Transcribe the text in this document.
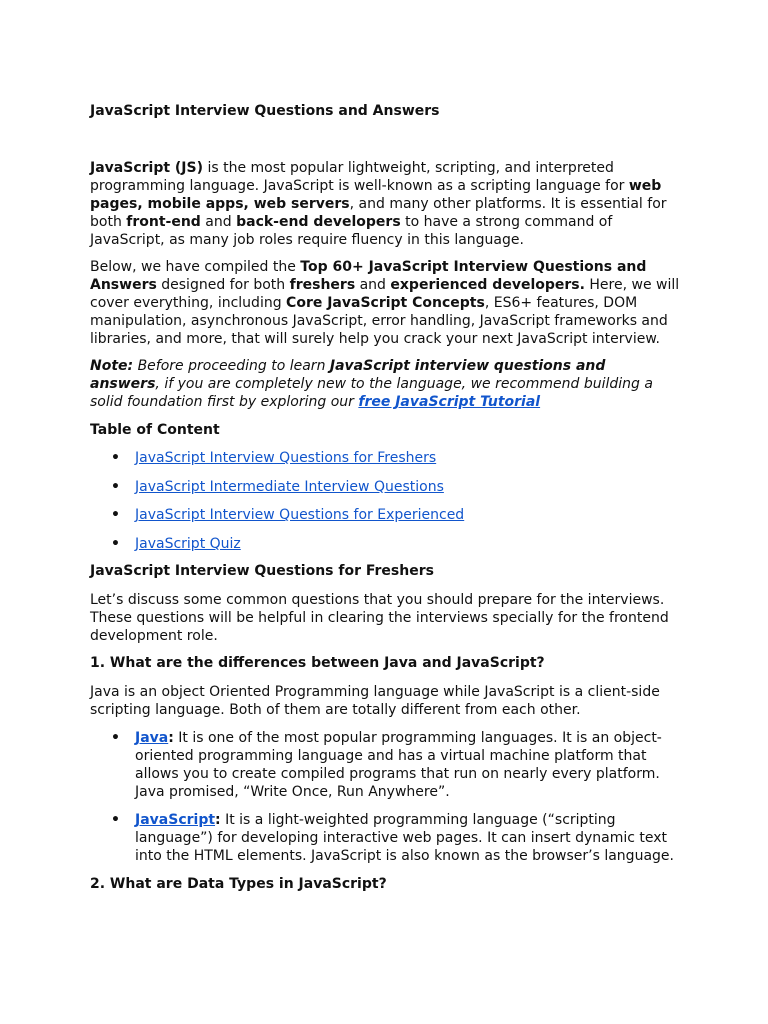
JavaScript Interview Questions and Answers

JavaScript (JS) is the most popular lightweight, scripting, and interpreted programming language. JavaScript is well-known as a scripting language for web pages, mobile apps, web servers, and many other platforms. It is essential for both front-end and back-end developers to have a strong command of JavaScript, as many job roles require fluency in this language.

Below, we have compiled the Top 60+ JavaScript Interview Questions and Answers designed for both freshers and experienced developers. Here, we will cover everything, including Core JavaScript Concepts, ES6+ features, DOM manipulation, asynchronous JavaScript, error handling, JavaScript frameworks and libraries, and more, that will surely help you crack your next JavaScript interview.

Note: Before proceeding to learn JavaScript interview questions and answers, if you are completely new to the language, we recommend building a solid foundation first by exploring our free JavaScript Tutorial

Table of Content

• JavaScript Interview Questions for Freshers
• JavaScript Intermediate Interview Questions
• JavaScript Interview Questions for Experienced
• JavaScript Quiz

JavaScript Interview Questions for Freshers

Let’s discuss some common questions that you should prepare for the interviews. These questions will be helpful in clearing the interviews specially for the frontend development role.

1. What are the differences between Java and JavaScript?

Java is an object Oriented Programming language while JavaScript is a client-side scripting language. Both of them are totally different from each other.

• Java: It is one of the most popular programming languages. It is an object-oriented programming language and has a virtual machine platform that allows you to create compiled programs that run on nearly every platform. Java promised, “Write Once, Run Anywhere”.
• JavaScript: It is a light-weighted programming language (“scripting language”) for developing interactive web pages. It can insert dynamic text into the HTML elements. JavaScript is also known as the browser’s language.

2. What are Data Types in JavaScript?
